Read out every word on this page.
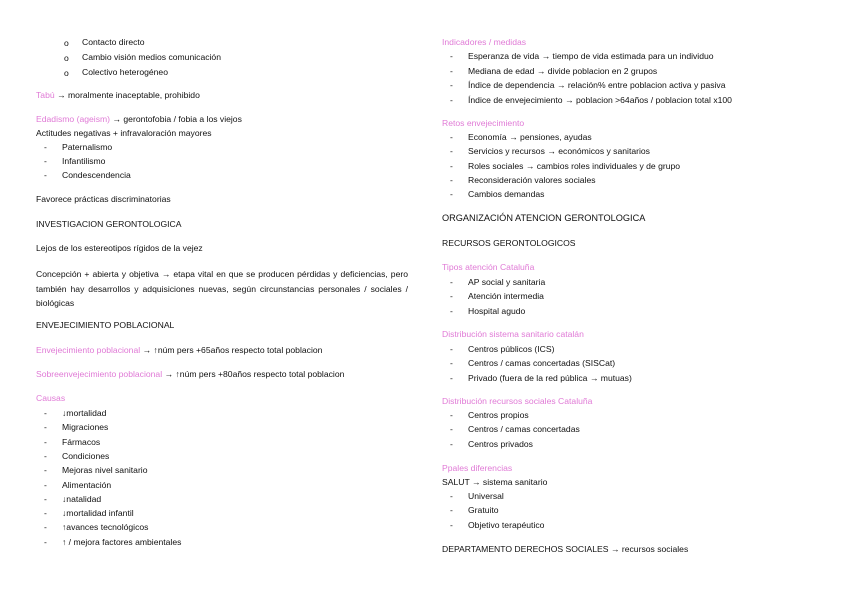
o Contacto directo
o Cambio visión medios comunicación
o Colectivo heterogéneo
Tabú → moralmente inaceptable, prohibido
Edadismo (ageism) → gerontofobia / fobia a los viejos
Actitudes negativas + infravaloración mayores
- Paternalismo
- Infantilismo
- Condescendencia
Favorece prácticas discriminatorias
INVESTIGACION GERONTOLOGICA
Lejos de los estereotipos rígidos de la vejez
Concepción + abierta y objetiva → etapa vital en que se producen pérdidas y deficiencias, pero también hay desarrollos y adquisiciones nuevas, según circunstancias personales / sociales / biológicas
ENVEJECIMIENTO POBLACIONAL
Envejecimiento poblacional → ↑núm pers +65años respecto total poblacion
Sobreenvejecimiento poblacional → ↑núm pers +80años respecto total poblacion
Causas
- ↓mortalidad
- Migraciones
- Fármacos
- Condiciones
- Mejoras nivel sanitario
- Alimentación
- ↓natalidad
- ↓mortalidad infantil
- ↑avances tecnológicos
- ↑ / mejora factores ambientales
Indicadores / medidas
- Esperanza de vida → tiempo de vida estimada para un individuo
- Mediana de edad → divide poblacion en 2 grupos
- Índice de dependencia → relación% entre poblacion activa y pasiva
- Índice de envejecimiento → poblacion >64años / poblacion total x100
Retos envejecimiento
- Economía → pensiones, ayudas
- Servicios y recursos → económicos y sanitarios
- Roles sociales → cambios roles individuales y de grupo
- Reconsideración valores sociales
- Cambios demandas
ORGANIZACIÓN ATENCION GERONTOLOGICA
RECURSOS GERONTOLOGICOS
Tipos atención Cataluña
- AP social y sanitaria
- Atención intermedia
- Hospital agudo
Distribución sistema sanitario catalán
- Centros públicos (ICS)
- Centros / camas concertadas (SISCat)
- Privado (fuera de la red pública → mutuas)
Distribución recursos sociales Cataluña
- Centros propios
- Centros / camas concertadas
- Centros privados
Ppales diferencias
SALUT → sistema sanitario
- Universal
- Gratuito
- Objetivo terapéutico
DEPARTAMENTO DERECHOS SOCIALES → recursos sociales
